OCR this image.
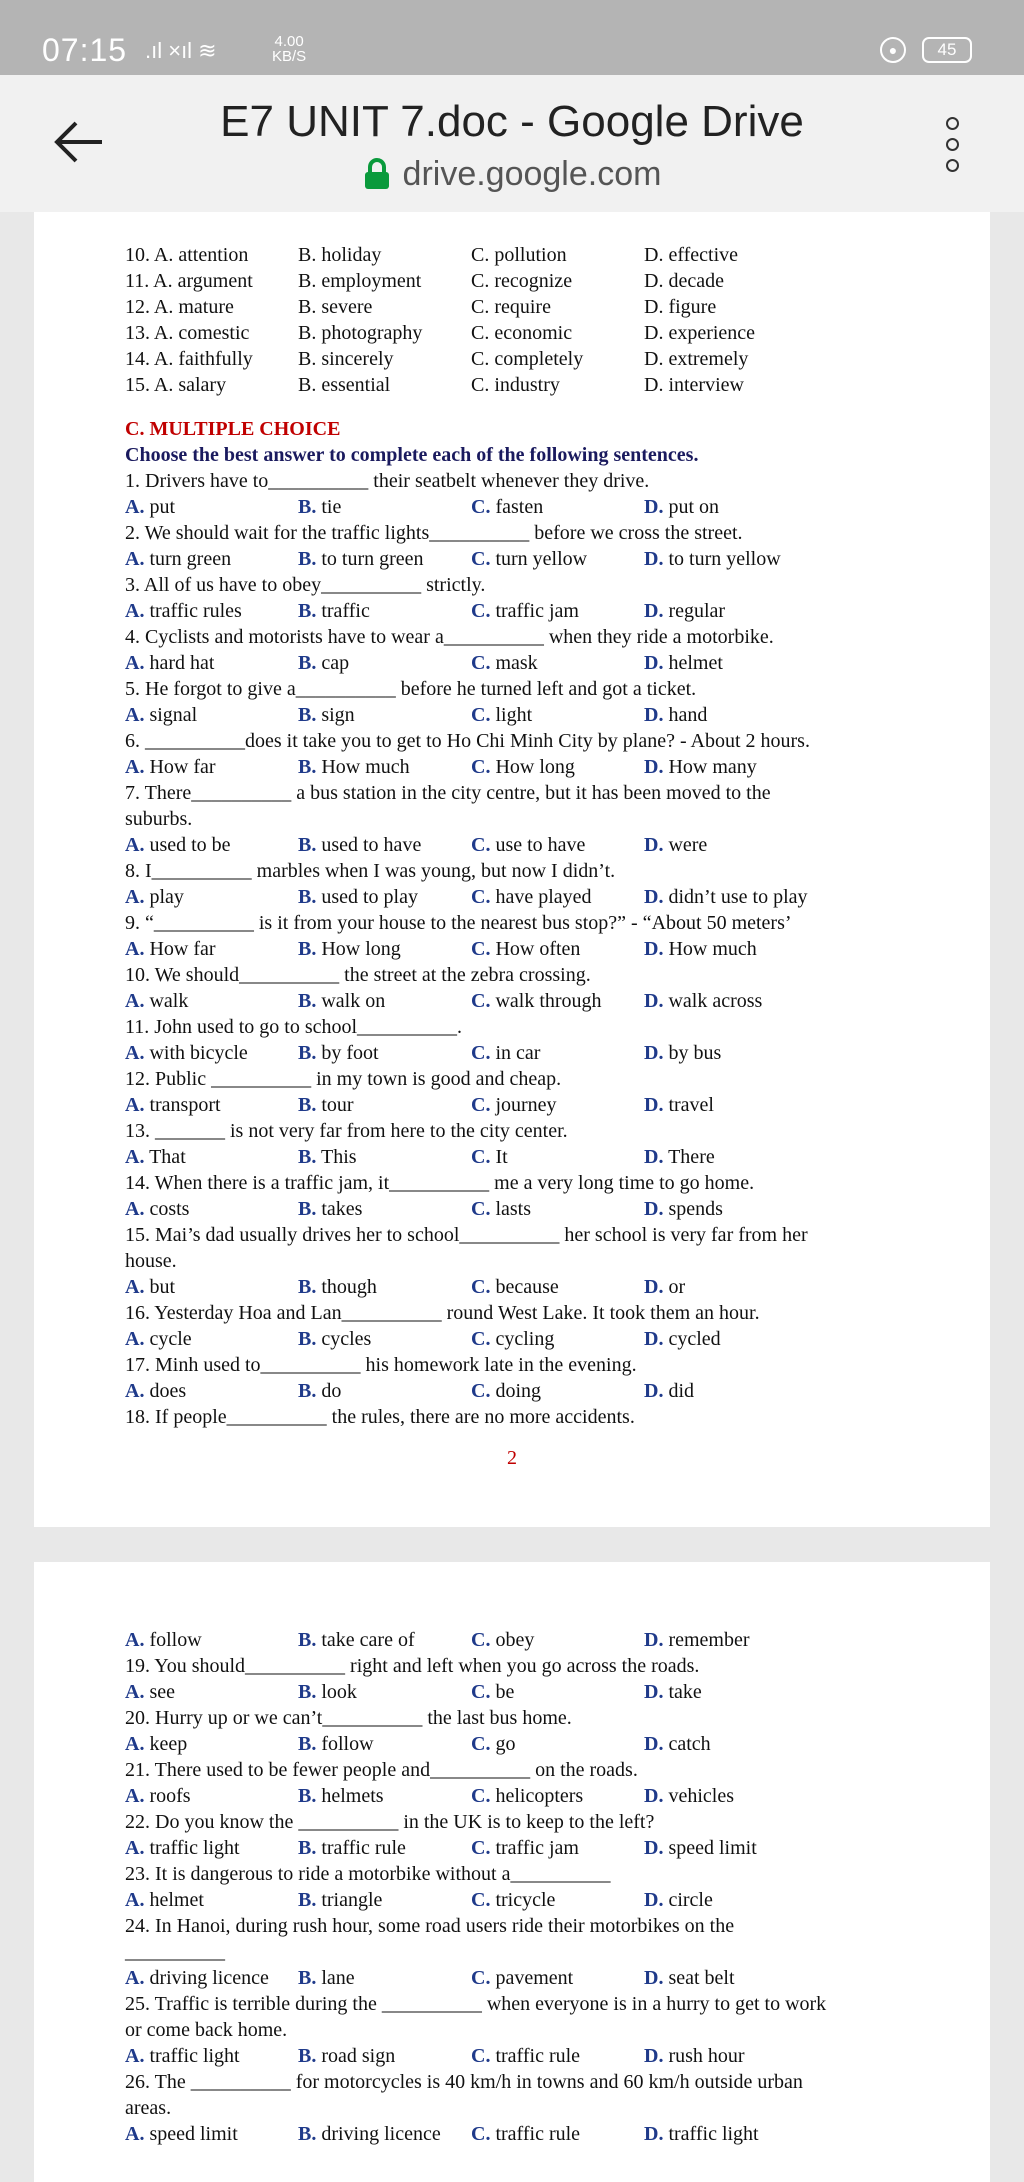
07:15 .ıl ×ıl ≋	4.00
KB/S	●	45
E7 UNIT 7.doc - Google Drive
drive.google.com
10. A. attention B. holiday	C. pollution	D. effective
11. A. argument B. employment C. recognize	D. decade
12. A. mature	B. severe	C. require	D. figure
13. A. comestic B. photography C. economic	D. experience
14. A. faithfully B. sincerely	C. completely	D. extremely
15. A. salary	B. essential	C. industry	D. interview
C. MULTIPLE CHOICE
Choose the best answer to complete each of the following sentences.
1. Drivers have to__________ their seatbelt whenever they drive.
A. put	B. tie	C. fasten	D. put on
2. We should wait for the traffic lights__________ before we cross the street.
A. turn green	B. to turn green C. turn yellow	D. to turn yellow
3. All of us have to obey__________ strictly.
A. traffic rules	B. traffic	C. traffic jam	D. regular
4. Cyclists and motorists have to wear a__________ when they ride a motorbike.
A. hard hat	B. cap	C. mask	D. helmet
5. He forgot to give a__________ before he turned left and got a ticket.
A. signal	B. sign	C. light	D. hand
6. __________does it take you to get to Ho Chi Minh City by plane? - About 2 hours.
A. How far	B. How much	C. How long	D. How many
7. There__________ a bus station in the city centre, but it has been moved to the
suburbs.
A. used to be	B. used to have C. use to have	D. were
8. I__________ marbles when I was young, but now I didn’t.
A. play	B. used to play	C. have played	D. didn’t use to play
9. “__________ is it from your house to the nearest bus stop?” - “About 50 meters’
A. How far	B. How long	C. How often	D. How much
10. We should__________ the street at the zebra crossing.
A. walk	B. walk on	C. walk through D. walk across
11. John used to go to school__________.
A. with bicycle	B. by foot	C. in car	D. by bus
12. Public __________ in my town is good and cheap.
A. transport	B. tour	C. journey	D. travel
13. _______ is not very far from here to the city center.
A. That	B. This	C. It	D. There
14. When there is a traffic jam, it__________ me a very long time to go home.
A. costs	B. takes	C. lasts	D. spends
15. Mai’s dad usually drives her to school__________ her school is very far from her
house.
A. but	B. though	C. because	D. or
16. Yesterday Hoa and Lan__________ round West Lake. It took them an hour.
A. cycle	B. cycles	C. cycling	D. cycled
17. Minh used to__________ his homework late in the evening.
A. does	B. do	C. doing	D. did
18. If people__________ the rules, there are no more accidents.
2
A. follow	B. take care of	C. obey	D. remember
19. You should__________ right and left when you go across the roads.
A. see	B. look	C. be	D. take
20. Hurry up or we can’t__________ the last bus home.
A. keep	B. follow	C. go	D. catch
21. There used to be fewer people and__________ on the roads.
A. roofs	B. helmets	C. helicopters	D. vehicles
22. Do you know the __________ in the UK is to keep to the left?
A. traffic light	B. traffic rule	C. traffic jam	D. speed limit
23. It is dangerous to ride a motorbike without a__________
A. helmet	B. triangle	C. tricycle	D. circle
24. In Hanoi, during rush hour, some road users ride their motorbikes on the
__________
A. driving licence B. lane	C. pavement	D. seat belt
25. Traffic is terrible during the __________ when everyone is in a hurry to get to work
or come back home.
A. traffic light	B. road sign	C. traffic rule	D. rush hour
26. The __________ for motorcycles is 40 km/h in towns and 60 km/h outside urban
areas.
A. speed limit	B. driving licence C. traffic rule	D. traffic light
